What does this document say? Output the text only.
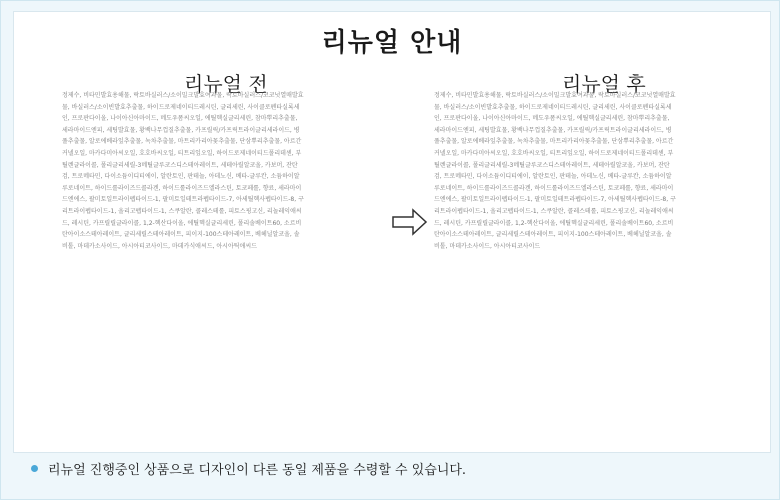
리뉴얼 안내
리뉴얼 전	리뉴얼 후
정제수, 비타민발효용해물, 락토바실러스/소이밀크발효여과물, 락토바실러스/코코넛열매발효물, 바실러스/소이빈발효추출물, 하이드로제네이티드레시틴, 글리세린, 사이클로펜타실록세인, 프로판다이올, 나이아신아마이드, 메도우폼씨오일, 에틸헥실글리세린, 참마뿌리추출물, 세라마이드엔피, 세팅발효물, 황백나무껍질추출물, 카프릴릭/카프릭트라이글리세라이드, 병풀추출물, 알로에베라잎추출물, 녹차추출물, 마트리카리아꽃추출물, 단삼뿌리추출물, 아르간커넬오일, 마카다미아씨오일, 호호바씨오일, 티트리잎오일, 하이드로제네이티드폴리데센, 부틸렌글라이콜, 폴리글리세릴-3메틸글루코스디스테아레이트, 세테아릴알코올, 카보머, 잔탄검, 트로메타민, 다이소듐이디티에이, 알란토인, 판테놀, 아데노신, 베타-글루칸, 소듐하이알루로네이트, 하이드롤라이즈드콜라겐, 하이드롤라이즈드엘라스틴, 토코페롤, 향료, 세라마이드엔에스, 팔미토일트라이펩타이드-1, 팔미토일테트라펩타이드-7, 아세틸헥사펩타이드-8, 구리트라이펩타이드-1, 올리고펩타이드-1, 스쿠알란, 콜레스테롤, 피토스핑고신, 리놀레익애씨드, 레시틴, 카프릴릴글라이콜, 1,2-헥산다이올, 에틸헥실글리세린, 폴리솔베이트60, 소르비탄아이소스테아레이트, 글리세릴스테아레이트, 피이지-100스테아레이트, 베헤닐알코올, 솔비톨, 마데카소사이드, 아시아티코사이드, 마데카식애씨드, 아시아틱애씨드
정제수, 비타민발효용해물, 락토바실러스/소이밀크발효여과물, 락토바실러스/코코넛열매발효물, 바실러스/소이빈발효추출물, 하이드로제네이티드레시틴, 글리세린, 사이클로펜타실록세인, 프로판다이올, 나이아신아마이드, 메도우폼씨오일, 에틸헥실글리세린, 참마뿌리추출물, 세라마이드엔피, 세팅발효물, 황백나무껍질추출물, 카프릴릭/카프릭트라이글리세라이드, 병풀추출물, 알로에베라잎추출물, 녹차추출물, 마트리카리아꽃추출물, 단삼뿌리추출물, 아르간커넬오일, 마카다미아씨오일, 호호바씨오일, 티트리잎오일, 하이드로제네이티드폴리데센, 부틸렌글라이콜, 폴리글리세릴-3메틸글루코스디스테아레이트, 세테아릴알코올, 카보머, 잔탄검, 트로메타민, 다이소듐이디티에이, 알란토인, 판테놀, 아데노신, 베타-글루칸, 소듐하이알루로네이트, 하이드롤라이즈드콜라겐, 하이드롤라이즈드엘라스틴, 토코페롤, 향료, 세라마이드엔에스, 팔미토일트라이펩타이드-1, 팔미토일테트라펩타이드-7, 아세틸헥사펩타이드-8, 구리트라이펩타이드-1, 올리고펩타이드-1, 스쿠알란, 콜레스테롤, 피토스핑고신, 리놀레익애씨드, 레시틴, 카프릴릴글라이콜, 1,2-헥산다이올, 에틸헥실글리세린, 폴리솔베이트60, 소르비탄아이소스테아레이트, 글리세릴스테아레이트, 피이지-100스테아레이트, 베헤닐알코올, 솔비톨, 마데카소사이드, 아시아티코사이드
리뉴얼 진행중인 상품으로 디자인이 다른 동일 제품을 수령할 수 있습니다.
